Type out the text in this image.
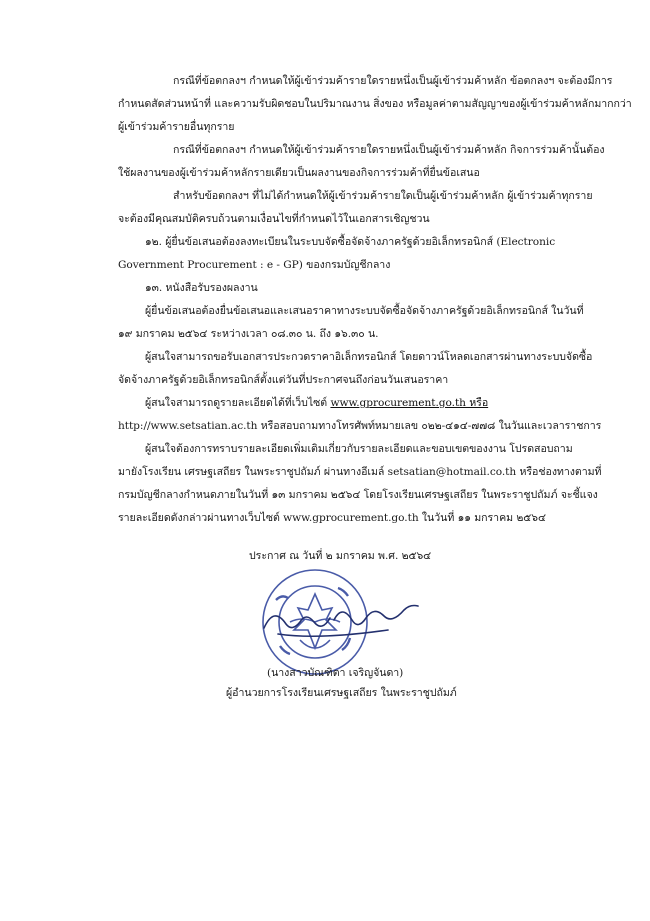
กรณีที่ข้อตกลงฯ กำหนดให้ผู้เข้าร่วมค้ารายใดรายหนึ่งเป็นผู้เข้าร่วมค้าหลัก ข้อตกลงฯ จะต้องมีการ
กำหนดสัดส่วนหน้าที่ และความรับผิดชอบในปริมาณงาน สิ่งของ หรือมูลค่าตามสัญญาของผู้เข้าร่วมค้าหลักมากกว่า
ผู้เข้าร่วมค้ารายอื่นทุกราย
กรณีที่ข้อตกลงฯ กำหนดให้ผู้เข้าร่วมค้ารายใดรายหนึ่งเป็นผู้เข้าร่วมค้าหลัก กิจการร่วมค้านั้นต้อง
ใช้ผลงานของผู้เข้าร่วมค้าหลักรายเดียวเป็นผลงานของกิจการร่วมค้าที่ยื่นข้อเสนอ
สำหรับข้อตกลงฯ ที่ไม่ได้กำหนดให้ผู้เข้าร่วมค้ารายใดเป็นผู้เข้าร่วมค้าหลัก ผู้เข้าร่วมค้าทุกราย
จะต้องมีคุณสมบัติครบถ้วนตามเงื่อนไขที่กำหนดไว้ในเอกสารเชิญชวน
๑๒. ผู้ยื่นข้อเสนอต้องลงทะเบียนในระบบจัดซื้อจัดจ้างภาครัฐด้วยอิเล็กทรอนิกส์ (Electronic
Government Procurement : e - GP) ของกรมบัญชีกลาง
๑๓. หนังสือรับรองผลงาน
ผู้ยื่นข้อเสนอต้องยื่นข้อเสนอและเสนอราคาทางระบบจัดซื้อจัดจ้างภาครัฐด้วยอิเล็กทรอนิกส์ ในวันที่
๑๙ มกราคม ๒๕๖๔ ระหว่างเวลา ๐๘.๓๐ น. ถึง ๑๖.๓๐ น.
ผู้สนใจสามารถขอรับเอกสารประกวดราคาอิเล็กทรอนิกส์ โดยดาวน์โหลดเอกสารผ่านทางระบบจัดซื้อ
จัดจ้างภาครัฐด้วยอิเล็กทรอนิกส์ตั้งแต่วันที่ประกาศจนถึงก่อนวันเสนอราคา
ผู้สนใจสามารถดูรายละเอียดได้ที่เว็บไซต์ www.gprocurement.go.th หรือ
http://www.setsatian.ac.th หรือสอบถามทางโทรศัพท์หมายเลข ๐๒๒-๔๑๔-๗๗๘ ในวันและเวลาราชการ
ผู้สนใจต้องการทราบรายละเอียดเพิ่มเติมเกี่ยวกับรายละเอียดและขอบเขตของงาน โปรดสอบถาม
มายังโรงเรียน เศรษฐเสถียร ในพระราชูปถัมภ์ ผ่านทางอีเมล์ setsatian@hotmail.co.th หรือช่องทางตามที่
กรมบัญชีกลางกำหนดภายในวันที่ ๑๓ มกราคม ๒๕๖๔ โดยโรงเรียนเศรษฐเสถียร ในพระราชูปถัมภ์ จะชี้แจง
รายละเอียดดังกล่าวผ่านทางเว็บไซต์ www.gprocurement.go.th ในวันที่ ๑๑ มกราคม ๒๕๖๔
ประกาศ ณ วันที่ ๒ มกราคม พ.ศ. ๒๕๖๔
(นางสาวบัณฑิตา เจริญจันดา)
ผู้อำนวยการโรงเรียนเศรษฐเสถียร ในพระราชูปถัมภ์
